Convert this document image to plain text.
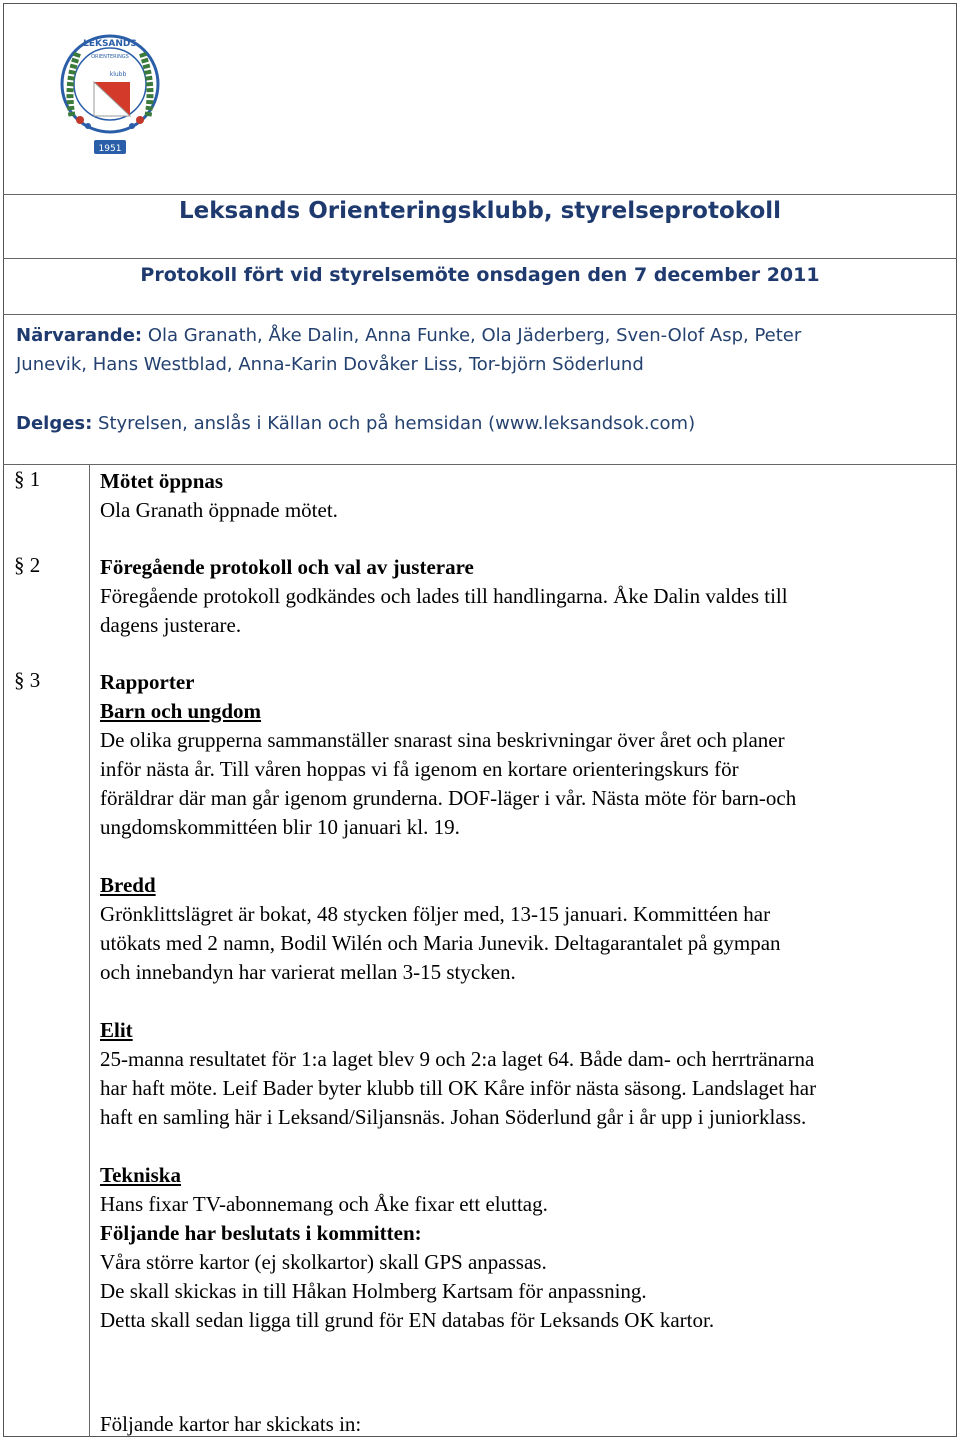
LEKSANDS
ORIENTERINGS
klubb
1951
Leksands Orienteringsklubb, styrelseprotokoll
Protokoll fört vid styrelsemöte onsdagen den 7 december 2011

Närvarande: Ola Granath, Åke Dalin, Anna Funke, Ola Jäderberg, Sven-Olof Asp, Peter

Junevik, Hans Westblad, Anna-Karin Dovåker Liss, Tor-björn Söderlund

Delges: Styrelsen, anslås i Källan och på hemsidan (www.leksandsok.com)

§ 1	Mötet öppnas

Ola Granath öppnade mötet.

§ 2	Föregående protokoll och val av justerare

Föregående protokoll godkändes och lades till handlingarna. Åke Dalin valdes till

dagens justerare.

§ 3	Rapporter

Barn och ungdom

De olika grupperna sammanställer snarast sina beskrivningar över året och planer

inför nästa år. Till våren hoppas vi få igenom en kortare orienteringskurs för

föräldrar där man går igenom grunderna. DOF-läger i vår. Nästa möte för barn-och

ungdomskommittéen blir 10 januari kl. 19.

Bredd

Grönklittslägret är bokat, 48 stycken följer med, 13-15 januari. Kommittéen har

utökats med 2 namn, Bodil Wilén och Maria Junevik. Deltagarantalet på gympan

och innebandyn har varierat mellan 3-15 stycken.

Elit

25-manna resultatet för 1:a laget blev 9 och 2:a laget 64. Både dam- och herrtränarna

har haft möte. Leif Bader byter klubb till OK Kåre inför nästa säsong. Landslaget har

haft en samling här i Leksand/Siljansnäs. Johan Söderlund går i år upp i juniorklass.

Tekniska

Hans fixar TV-abonnemang och Åke fixar ett eluttag.

Följande har beslutats i kommitten:

Våra större kartor (ej skolkartor) skall GPS anpassas.

De skall skickas in till Håkan Holmberg Kartsam för anpassning.

Detta skall sedan ligga till grund för EN databas för Leksands OK kartor.

Följande kartor har skickats in:
